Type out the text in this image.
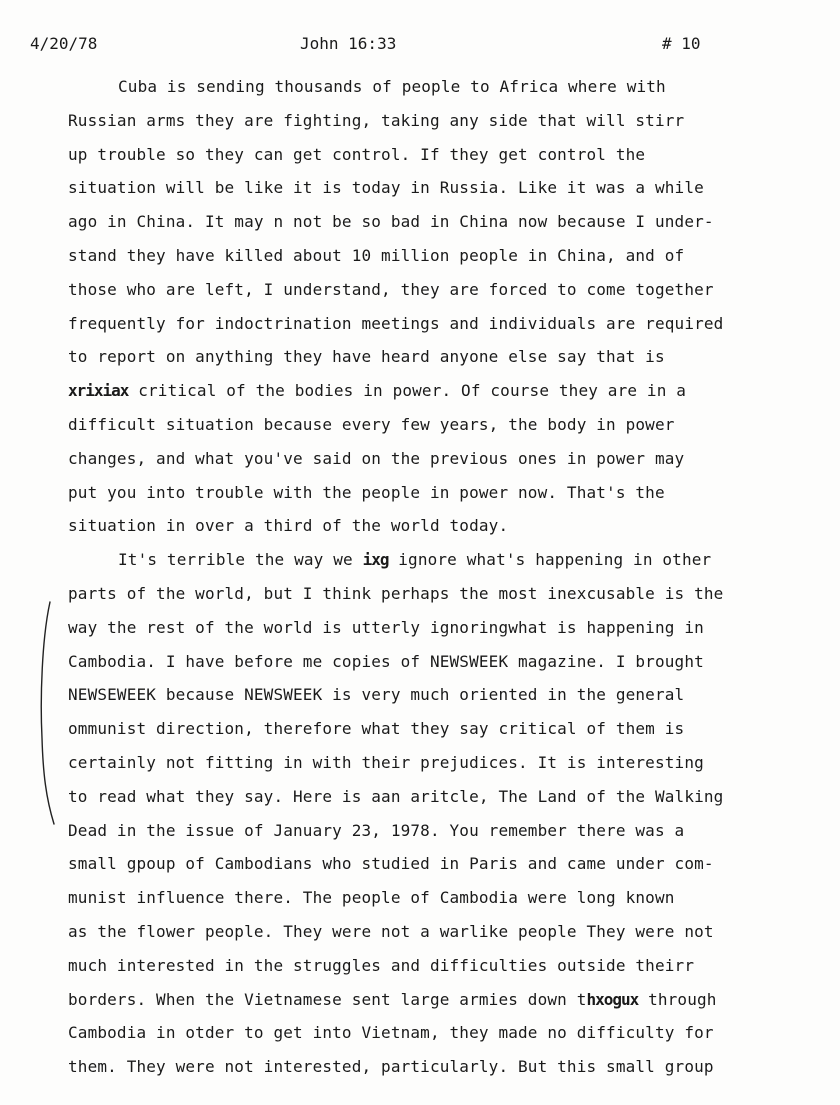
4/20/78	John 16:33	# 10
Cuba is sending thousands of people to Africa where with
Russian arms they are fighting, taking any side that will stirr
up trouble so they can get control. If they get control the
situation will be like it is today in Russia. Like it was a while
ago in China. It may n not be so bad in China now because I under-
stand they have killed about 10 million people in China, and of
those who are left, I understand, they are forced to come together
frequently for indoctrination meetings and individuals are required
to report on anything they have heard anyone else say that is
xrixiax critical of the bodies in power. Of course they are in a
difficult situation because every few years, the body in power
changes, and what you've said on the previous ones in power may
put you into trouble with the people in power now. That's the
situation in over a third of the world today.
It's terrible the way we ixg ignore what's happening in other
parts of the world, but I think perhaps the most inexcusable is the
way the rest of the world is utterly ignoringwhat is happening in
Cambodia. I have before me copies of NEWSWEEK magazine. I brought
NEWSEWEEK because NEWSWEEK is very much oriented in the general
ommunist direction, therefore what they say critical of them is
certainly not fitting in with their prejudices. It is interesting
to read what they say. Here is aan aritcle, The Land of the Walking
Dead in the issue of January 23, 1978. You remember there was a
small gpoup of Cambodians who studied in Paris and came under com-
munist influence there. The people of Cambodia were long known
as the flower people. They were not a warlike people They were not
much interested in the struggles and difficulties outside theirr
borders. When the Vietnamese sent large armies down thxogux through
Cambodia in otder to get into Vietnam, they made no difficulty for
them. They were not interested, particularly. But this small group
